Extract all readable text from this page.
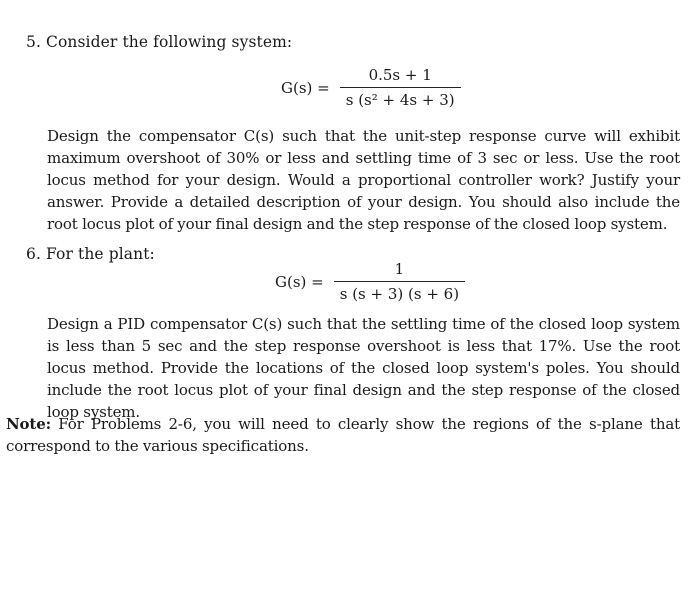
5. Consider the following system:
$G(s) = \frac{0.5s + 1}{\text{s (s² + 4s + 3)}}$
Design the compensator C(s) such that the unit-step response curve will exhibit maximum overshoot of 30% or less and settling time of 3 sec or less. Use the root locus method for your design. Would a proportional controller work? Justify your answer. Provide a detailed description of your design. You should also include the root locus plot of your final design and the step response of the closed loop system.
6. For the plant:
$G(s) = \frac{1}{s (s + 3) (s + 6)}$
Design a PID compensator C(s) such that the settling time of the closed loop system is less than 5 sec and the step response overshoot is less that 17%. Use the root locus method. Provide the locations of the closed loop system's poles. You should include the root locus plot of your final design and the step response of the closed loop system.
Note: For Problems 2-6, you will need to clearly show the regions of the s-plane that correspond to the various specifications.
